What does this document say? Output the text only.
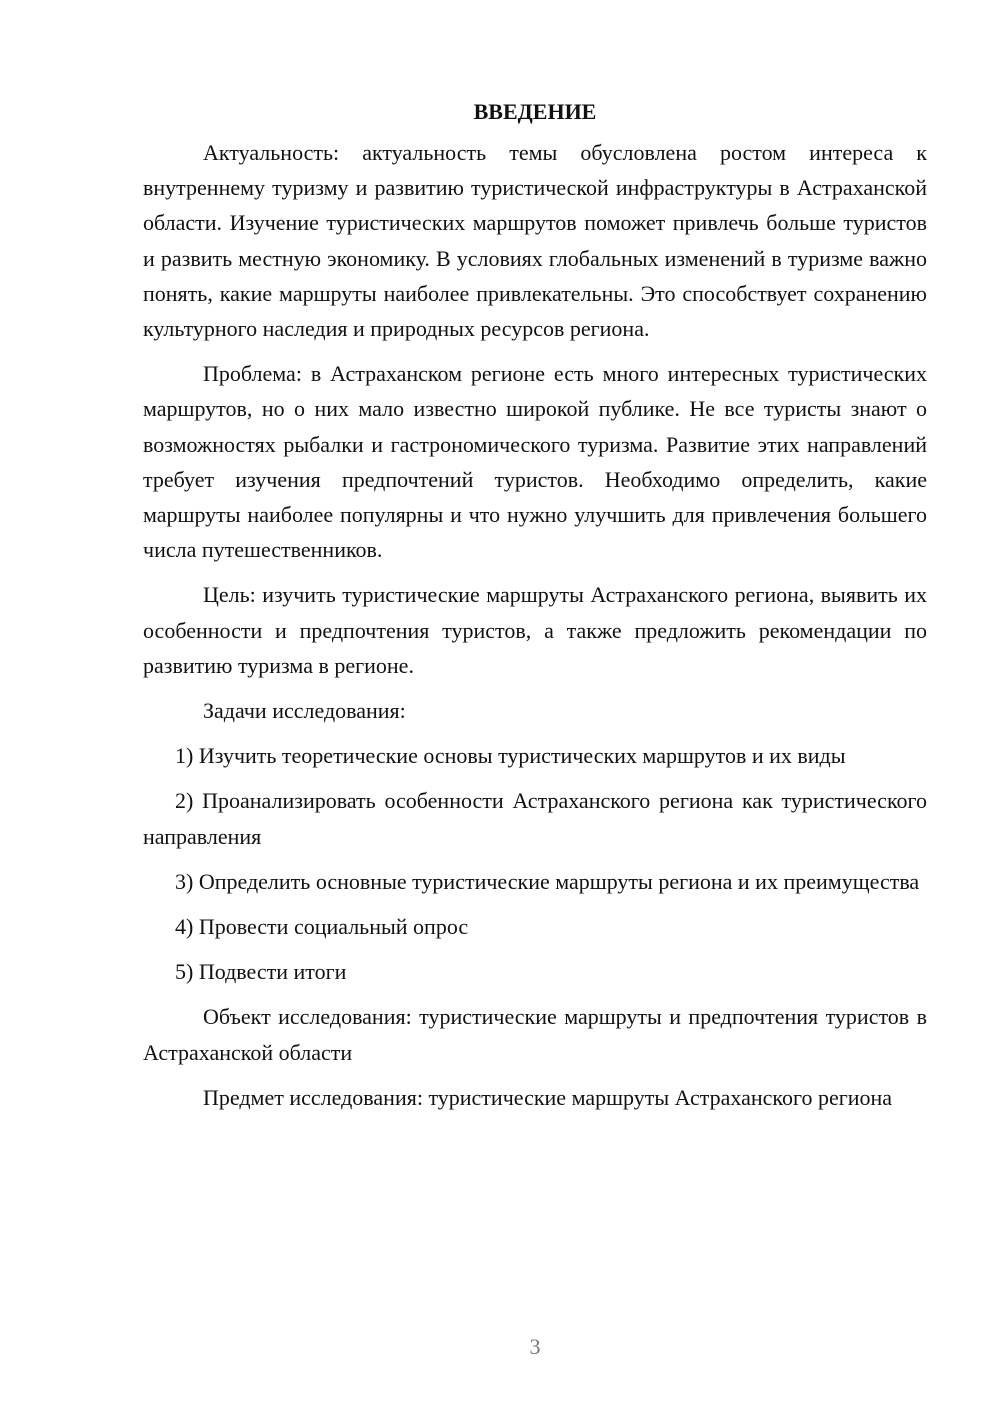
ВВЕДЕНИЕ

Актуальность: актуальность темы обусловлена ростом интереса к внутреннему туризму и развитию туристической инфраструктуры в Астраханской области. Изучение туристических маршрутов поможет привлечь больше туристов и развить местную экономику. В условиях глобальных изменений в туризме важно понять, какие маршруты наиболее привлекательны. Это способствует сохранению культурного наследия и природных ресурсов региона.

Проблема: в Астраханском регионе есть много интересных туристических маршрутов, но о них мало известно широкой публике. Не все туристы знают о возможностях рыбалки и гастрономического туризма. Развитие этих направлений требует изучения предпочтений туристов. Необходимо определить, какие маршруты наиболее популярны и что нужно улучшить для привлечения большего числа путешественников.

Цель: изучить туристические маршруты Астраханского региона, выявить их особенности и предпочтения туристов, а также предложить рекомендации по развитию туризма в регионе.

Задачи исследования:

1) Изучить теоретические основы туристических маршрутов и их виды

2) Проанализировать особенности Астраханского региона как туристического направления

3) Определить основные туристические маршруты региона и их преимущества

4) Провести социальный опрос

5) Подвести итоги

Объект исследования: туристические маршруты и предпочтения туристов в Астраханской области

Предмет исследования: туристические маршруты Астраханского региона

3
